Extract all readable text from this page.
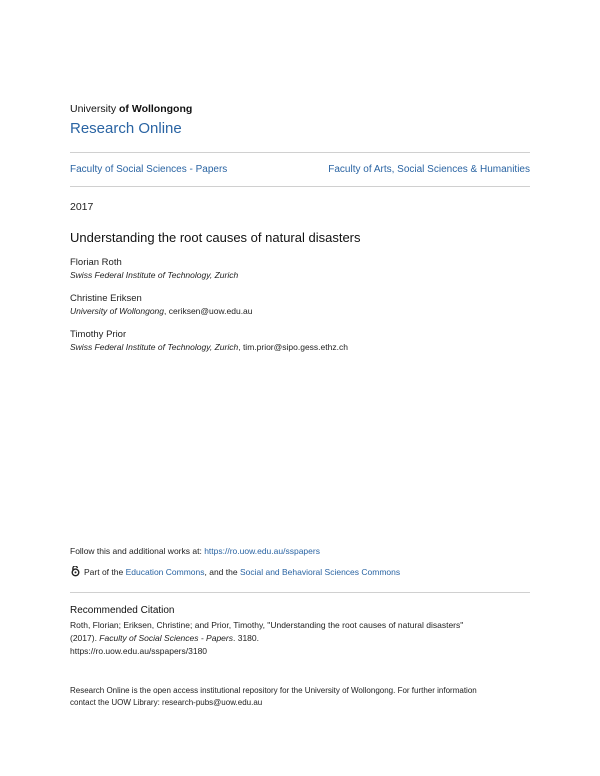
University of Wollongong
Research Online
Faculty of Social Sciences - Papers	Faculty of Arts, Social Sciences & Humanities
2017
Understanding the root causes of natural disasters
Florian Roth
Swiss Federal Institute of Technology, Zurich
Christine Eriksen
University of Wollongong, ceriksen@uow.edu.au
Timothy Prior
Swiss Federal Institute of Technology, Zurich, tim.prior@sipo.gess.ethz.ch
Follow this and additional works at: https://ro.uow.edu.au/sspapers
Part of the Education Commons, and the Social and Behavioral Sciences Commons
Recommended Citation
Roth, Florian; Eriksen, Christine; and Prior, Timothy, "Understanding the root causes of natural disasters"
(2017). Faculty of Social Sciences - Papers. 3180.
https://ro.uow.edu.au/sspapers/3180
Research Online is the open access institutional repository for the University of Wollongong. For further information
contact the UOW Library: research-pubs@uow.edu.au
